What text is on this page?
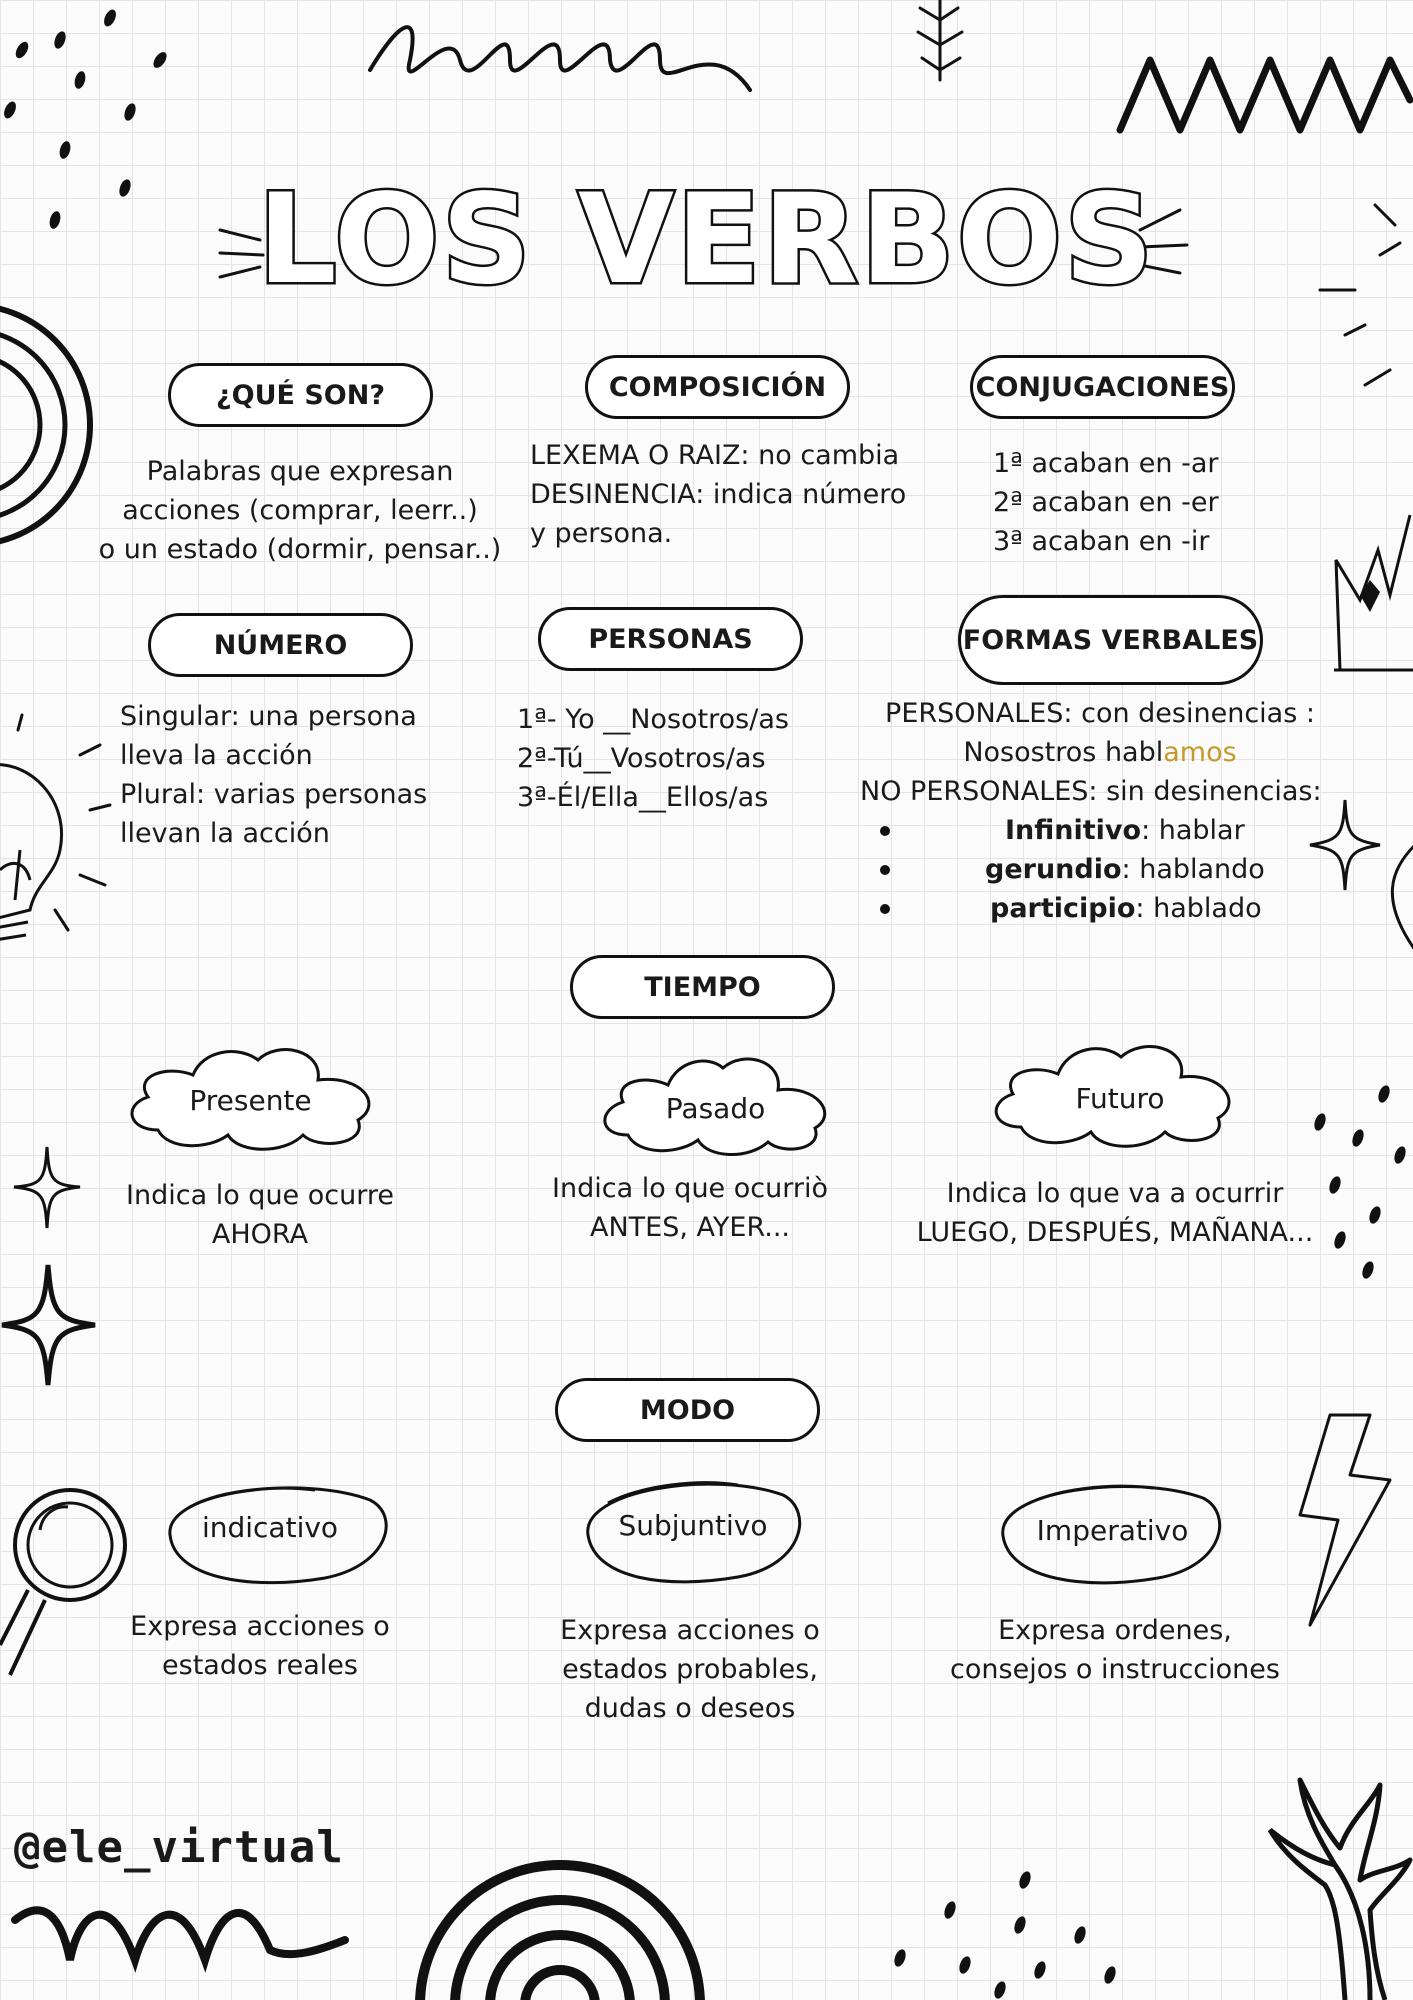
LOS VERBOS
¿QUÉ SON?
Palabras que expresan
acciones (comprar, leerr..)
o un estado (dormir, pensar..)
COMPOSICIÓN
LEXEMA O RAIZ: no cambia
DESINENCIA: indica número
y persona.
CONJUGACIONES
1ª acaban en -ar
2ª acaban en -er
3ª acaban en -ir
NÚMERO
Singular: una persona
lleva la acción
Plural: varias personas
llevan la acción
PERSONAS
1ª- Yo __Nosotros/as
2ª-Tú__Vosotros/as
3ª-Él/Ella__Ellos/as
FORMAS VERBALES
PERSONALES: con desinencias :
Nosostros hablamos
NO PERSONALES: sin desinencias:
Infinitivo: hablar
gerundio: hablando
participio: hablado
TIEMPO
Presente
Indica lo que ocurre
AHORA
Pasado
Indica lo que ocurriò
ANTES, AYER...
Futuro
Indica lo que va a ocurrir
LUEGO, DESPUÉS, MAÑANA...
MODO
indicativo
Expresa acciones o
estados reales
Subjuntivo
Expresa acciones o
estados probables,
dudas o deseos
Imperativo
Expresa ordenes,
consejos o instrucciones
@ele_virtual
